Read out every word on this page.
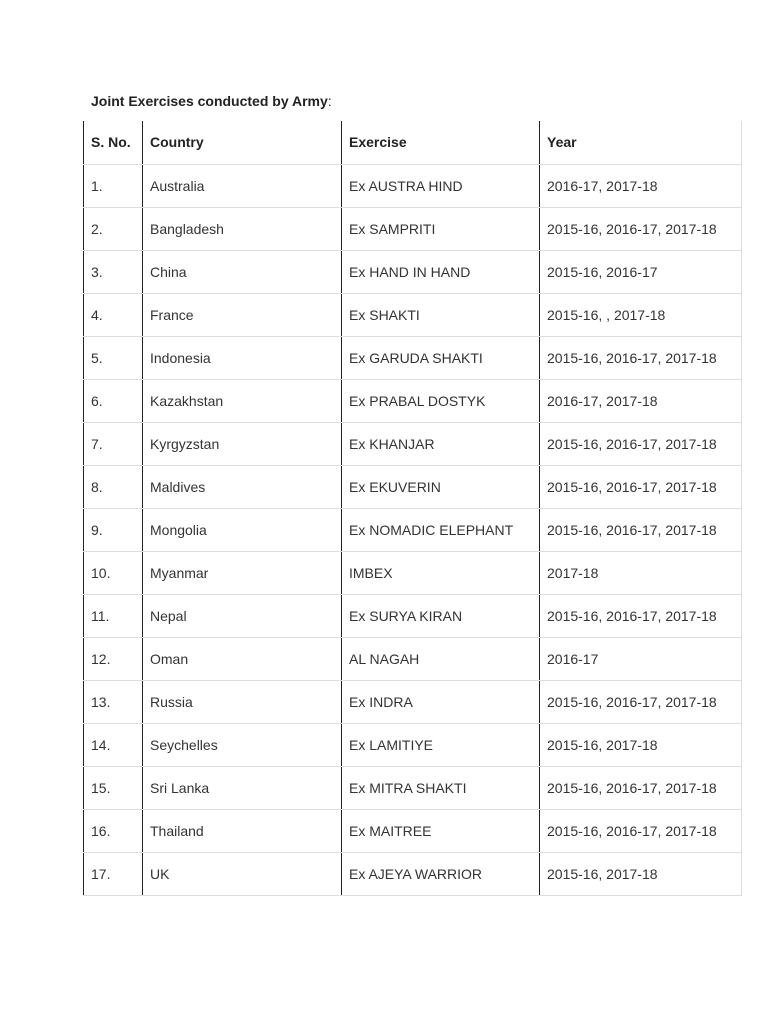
Joint Exercises conducted by Army:
S. No.	Country	Exercise	Year
1.	Australia	Ex AUSTRA HIND	2016-17, 2017-18
2.	Bangladesh	Ex SAMPRITI	2015-16, 2016-17, 2017-18
3.	China	Ex HAND IN HAND	2015-16, 2016-17
4.	France	Ex SHAKTI	2015-16, , 2017-18
5.	Indonesia	Ex GARUDA SHAKTI	2015-16, 2016-17, 2017-18
6.	Kazakhstan	Ex PRABAL DOSTYK	2016-17, 2017-18
7.	Kyrgyzstan	Ex KHANJAR	2015-16, 2016-17, 2017-18
8.	Maldives	Ex EKUVERIN	2015-16, 2016-17, 2017-18
9.	Mongolia	Ex NOMADIC ELEPHANT	2015-16, 2016-17, 2017-18
10.	Myanmar	IMBEX	2017-18
11.	Nepal	Ex SURYA KIRAN	2015-16, 2016-17, 2017-18
12.	Oman	AL NAGAH	2016-17
13.	Russia	Ex INDRA	2015-16, 2016-17, 2017-18
14.	Seychelles	Ex LAMITIYE	2015-16, 2017-18
15.	Sri Lanka	Ex MITRA SHAKTI	2015-16, 2016-17, 2017-18
16.	Thailand	Ex MAITREE	2015-16, 2016-17, 2017-18
17.	UK	Ex AJEYA WARRIOR	2015-16, 2017-18
